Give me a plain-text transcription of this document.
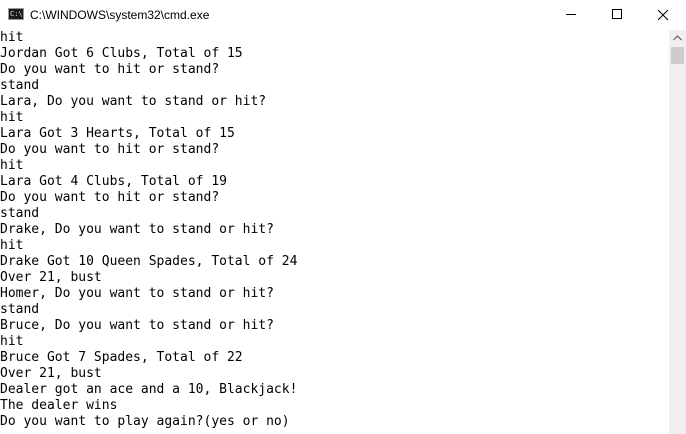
C:\ C:\WINDOWS\system32\cmd.exe
hit
Jordan Got 6 Clubs, Total of 15
Do you want to hit or stand?
stand
Lara, Do you want to stand or hit?
hit
Lara Got 3 Hearts, Total of 15
Do you want to hit or stand?
hit
Lara Got 4 Clubs, Total of 19
Do you want to hit or stand?
stand
Drake, Do you want to stand or hit?
hit
Drake Got 10 Queen Spades, Total of 24
Over 21, bust
Homer, Do you want to stand or hit?
stand
Bruce, Do you want to stand or hit?
hit
Bruce Got 7 Spades, Total of 22
Over 21, bust
Dealer got an ace and a 10, Blackjack!
The dealer wins
Do you want to play again?(yes or no)
